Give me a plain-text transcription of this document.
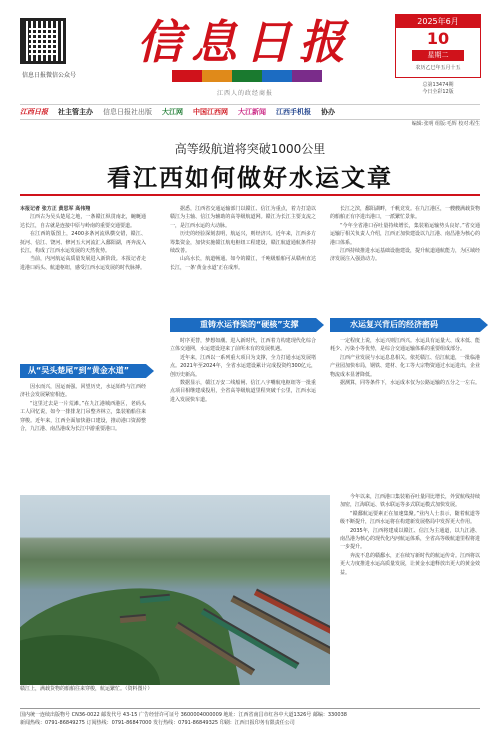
信息日报微信公众号
信息日报
江西人的政经商报
2025年6月
10
星期二
农历乙巳年五月十五
总第13474期
今日全彩12版
江西日报 社主管主办 信息日报社出版 大江网 中国江西网 大江新闻 江西手机报 协办
编辑:张明 组版:毛辉 校对:程生
高等级航道将突破1000公里
看江西如何做好水运文章

本报记者 张方正 黄思军 高伟翔

江西古为吴头楚尾之地，一条赣江纵贯南北，蜿蜒通达长江，自古就是连接中原与岭南的重要交通要道。

在江西的版图上，2400多条河流纵横交错，赣江、抚河、信江、饶河、修河五大河流汇入鄱阳湖，再奔流入长江，构成了江西水运发展的天然优势。

当前，内河航运高质量发展进入新阶段。本报记者走进港口码头、航道枢纽，感受江西水运发展的时代脉搏。

从“吴头楚尾”到“黄金水道”

因水而兴，因运而强。回望历史，水运始终与江西经济社会发展紧密相连。

“这里过去是一片荒滩。”在九江港城西港区，老码头工人回忆说，如今一排排龙门吊整齐林立，集装箱船往来穿梭。近年来，江西全面加快港口建设，推动港口资源整合，九江港、南昌港成为长江中游重要港口。

据悉，江西省交通运输部门以赣江、信江为重点，着力打造以赣江为主轴、信江为辅助的高等级航道网。赣江为长江主要支流之一，是江西水运的大动脉。

历史的经验深刻表明，航运兴，则经济兴。近年来，江西多方筹集资金，加快实施赣江航电枢纽工程建设，赣江航道通航条件持续改善。

山高水长，航道畅通。如今的赣江，千吨级船舶可从赣州直达长江，一条‘黄金水道’正在成形。

重铸水运脊梁的“硬核”支撑

时序更替，梦想如潮。进入新时代，江西着力构建现代化综合立体交通网，水运建设迎来了前所未有的发展机遇。

近年来，江西以一系列重大项目为支撑，全力打通水运发展堵点。2021年至2024年，全省水运建设累计完成投资约300亿元，创历史新高。

数据显示，赣江万安二线船闸、信江八字嘴航电枢纽等一批重点项目相继建成投用，全省高等级航道里程突破千公里，江西水运进入发展快车道。

长江之滨，鄱阳湖畔，千帆竞发。在九江港区，一艘艘满载货物的船舶正有序进出港口，一派繁忙景象。

“今年全省港口吞吐量持续增长，集装箱运输势头良好。”省交通运输厅相关负责人介绍，江西正加快建设以九江港、南昌港为核心的港口体系。

江西持续推进水运基础设施建设，提升航道通航能力，为区域经济发展注入强劲动力。

水运复兴背后的经济密码

一定程度上说，水运兴则江西兴。水运具有运量大、成本低、能耗少、污染小等优势，是综合交通运输体系的重要组成部分。

江西产业发展与水运息息相关。依托赣江、信江航道，一批临港产业园加快布局，钢铁、建材、化工等大宗物资通过水运进出，企业物流成本显著降低。

据测算，同等条件下，水运成本仅为公路运输的五分之一左右。

赣江上，满载货物的船舶往来穿梭，航运繁忙。（资料图片）

今年以来，江西港口集装箱吞吐量同比增长，外贸航线持续加密，江海联运、铁水联运等多式联运模式加快发展。

“赣鄱航运要素正在加速集聚。”业内人士表示，随着航道等级不断提升，江西水运将在构建新发展格局中发挥更大作用。

2035年，江西将建成以赣江、信江为主通道，以九江港、南昌港为核心的现代化内河航运体系，全省高等级航道里程将进一步提升。

奔流不息的赣鄱水，正在续写新时代的航运传奇。江西将以更大力度推进水运高质量发展，让黄金水道释放出更大的黄金效益。

国内统一连续出版物号 CN36-0022 邮发代号 43-15 广告经营许可证号 3600004000009 地址：江西省南昌市红谷中大道1326号 邮编：330038
新闻热线：0791-86849275 订阅热线：0791-86847000 发行热线：0791-86849325 印刷：江西日报印务有限责任公司
